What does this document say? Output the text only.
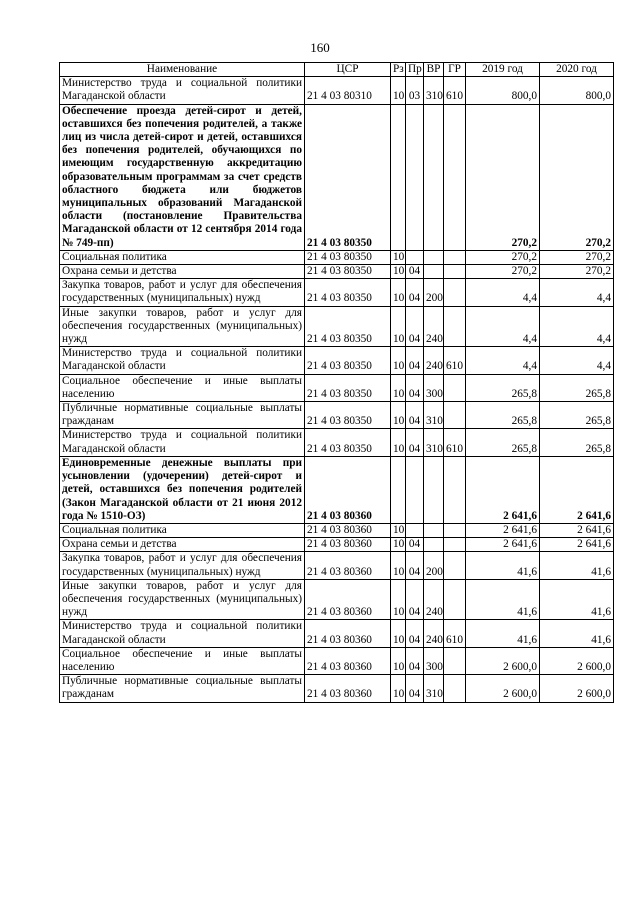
160
Наименование	ЦСР	Рз	Пр	ВР	ГР	2019 год	2020 год
Министерство труда и социальной политики Магаданской области	21 4 03 80310	10	03	310	610	800,0	800,0
Обеспечение проезда детей-сирот и детей, оставшихся без попечения родителей, а также лиц из числа детей-сирот и детей, оставшихся без попечения родителей, обучающихся по имеющим государственную аккредитацию образовательным программам за счет средств областного бюджета или бюджетов муниципальных образований Магаданской области (постановление Правительства Магаданской области от 12 сентября 2014 года № 749-пп)	21 4 03 80350					270,2	270,2
Социальная политика	21 4 03 80350	10				270,2	270,2
Охрана семьи и детства	21 4 03 80350	10	04			270,2	270,2
Закупка товаров, работ и услуг для обеспечения государственных (муниципальных) нужд	21 4 03 80350	10	04	200		4,4	4,4
Иные закупки товаров, работ и услуг для обеспечения государственных (муниципальных) нужд	21 4 03 80350	10	04	240		4,4	4,4
Министерство труда и социальной политики Магаданской области	21 4 03 80350	10	04	240	610	4,4	4,4
Социальное обеспечение и иные выплаты населению	21 4 03 80350	10	04	300		265,8	265,8
Публичные нормативные социальные выплаты гражданам	21 4 03 80350	10	04	310		265,8	265,8
Министерство труда и социальной политики Магаданской области	21 4 03 80350	10	04	310	610	265,8	265,8
Единовременные денежные выплаты при усыновлении (удочерении) детей-сирот и детей, оставшихся без попечения родителей (Закон Магаданской области от 21 июня 2012 года № 1510-ОЗ)	21 4 03 80360					2 641,6	2 641,6
Социальная политика	21 4 03 80360	10				2 641,6	2 641,6
Охрана семьи и детства	21 4 03 80360	10	04			2 641,6	2 641,6
Закупка товаров, работ и услуг для обеспечения государственных (муниципальных) нужд	21 4 03 80360	10	04	200		41,6	41,6
Иные закупки товаров, работ и услуг для обеспечения государственных (муниципальных) нужд	21 4 03 80360	10	04	240		41,6	41,6
Министерство труда и социальной политики Магаданской области	21 4 03 80360	10	04	240	610	41,6	41,6
Социальное обеспечение и иные выплаты населению	21 4 03 80360	10	04	300		2 600,0	2 600,0
Публичные нормативные социальные выплаты гражданам	21 4 03 80360	10	04	310		2 600,0	2 600,0
